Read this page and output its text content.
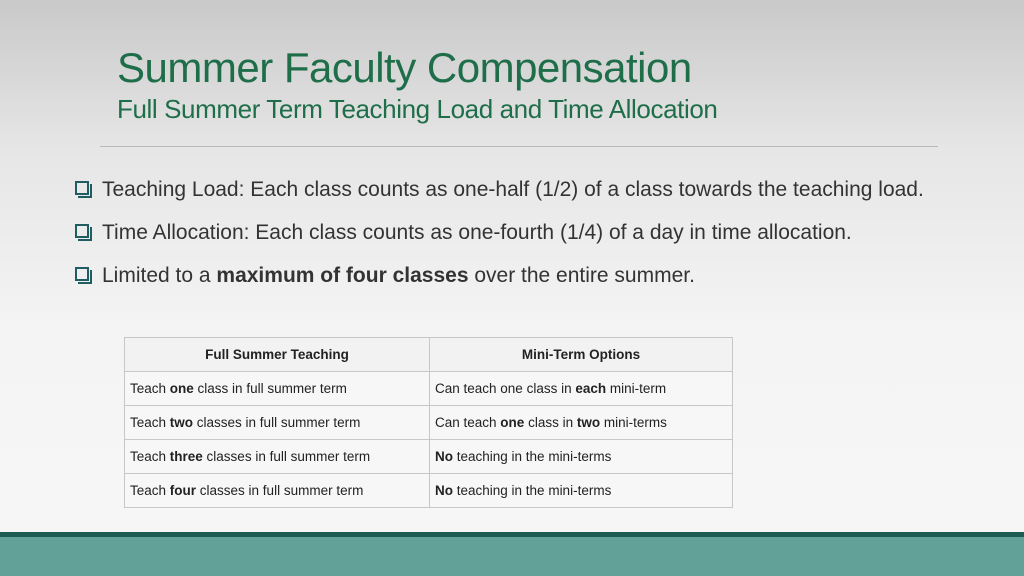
Summer Faculty Compensation
Full Summer Term Teaching Load and Time Allocation
Teaching Load: Each class counts as one-half (1/2) of a class towards the teaching load.
Time Allocation: Each class counts as one-fourth (1/4) of a day in time allocation.
Limited to a maximum of four classes over the entire summer.
Full Summer Teaching	Mini-Term Options
Teach one class in full summer term	Can teach one class in each mini-term
Teach two classes in full summer term	Can teach one class in two mini-terms
Teach three classes in full summer term	No teaching in the mini-terms
Teach four classes in full summer term	No teaching in the mini-terms
